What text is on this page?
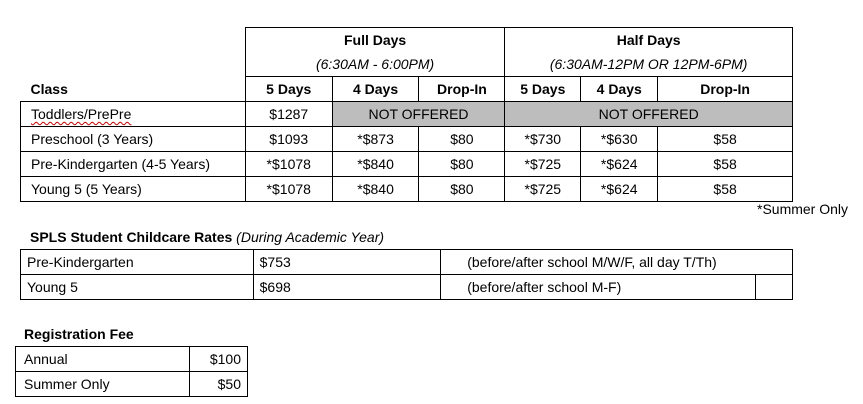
	Full Days			Half Days		
	(6:30AM - 6:00PM)			(6:30AM-12PM OR 12PM-6PM)		
Class	5 Days	4 Days	Drop-In	5 Days	4 Days	Drop-In
Toddlers/PrePre	$1287	NOT OFFERED		NOT OFFERED		
Preschool (3 Years)	$1093	*$873	$80	*$730	*$630	$58
Pre-Kindergarten (4-5 Years)	*$1078	*$840	$80	*$725	*$624	$58
Young 5 (5 Years)	*$1078	*$840	$80	*$725	*$624	$58
*Summer Only
SPLS Student Childcare Rates (During Academic Year)
Pre-Kindergarten	$753	(before/after school M/W/F, all day T/Th)	
Young 5	$698	(before/after school M-F)	
Registration Fee
Annual	$100
Summer Only	$50
